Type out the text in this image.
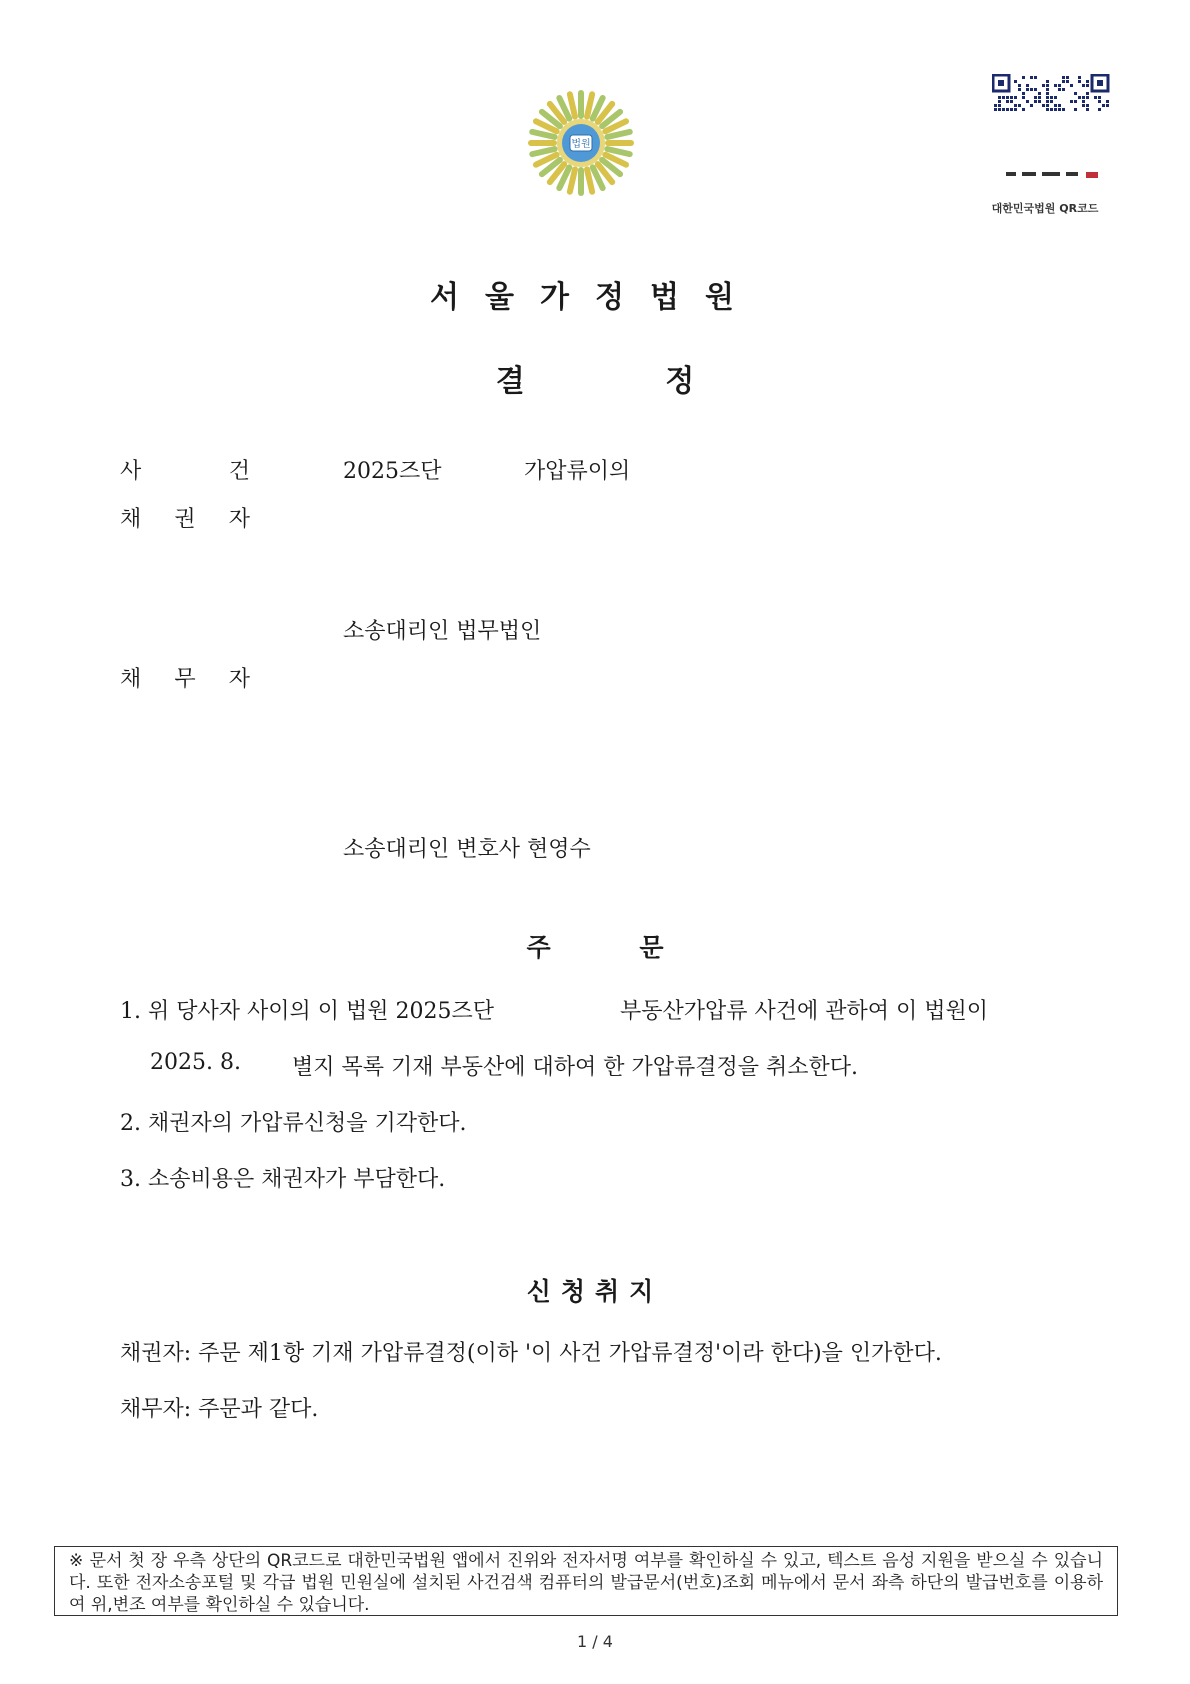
법원
대한민국법원 QR코드
서울가정법원
결 정
사	건	2025즈단	가압류이의
채 권 자
소송대리인 법무법인
채 무 자
소송대리인 변호사 현영수
주 문
1. 위 당사자 사이의 이 법원 2025즈단	부동산가압류 사건에 관하여 이 법원이
2025. 8. 별지 목록 기재 부동산에 대하여 한 가압류결정을 취소한다.
2. 채권자의 가압류신청을 기각한다.
3. 소송비용은 채권자가 부담한다.
신청취지
채권자: 주문 제1항 기재 가압류결정(이하 '이 사건 가압류결정'이라 한다)을 인가한다.
채무자: 주문과 같다.
※ 문서 첫 장 우측 상단의 QR코드로 대한민국법원 앱에서 진위와 전자서명 여부를 확인하실 수 있고, 텍스트 음성 지원을 받으실 수 있습니다. 또한 전자소송포털 및 각급 법원 민원실에 설치된 사건검색 컴퓨터의 발급문서(번호)조회 메뉴에서 문서 좌측 하단의 발급번호를 이용하여 위,변조 여부를 확인하실 수 있습니다.
1 / 4
